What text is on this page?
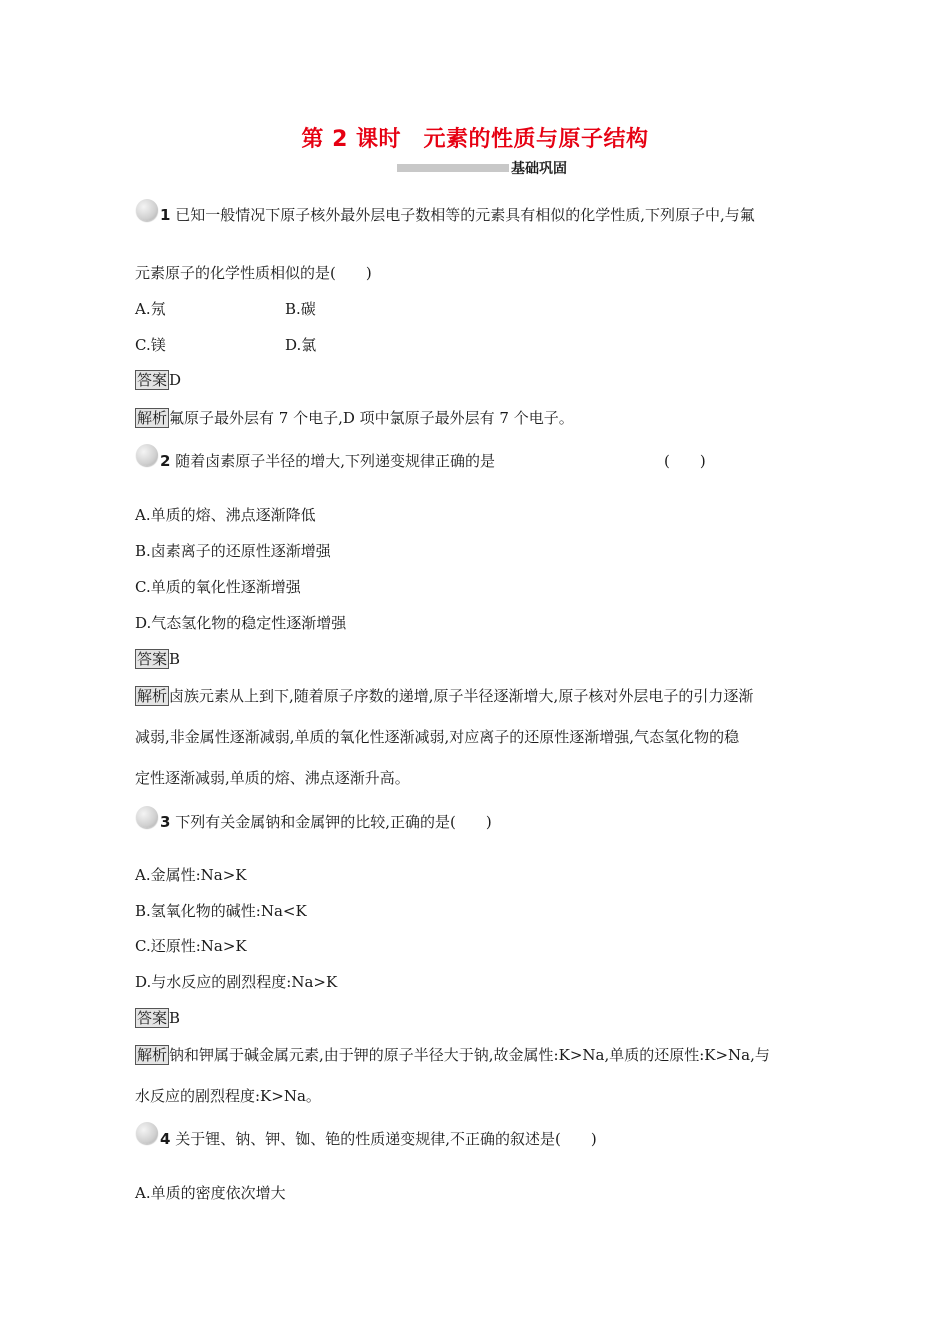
第 2 课时　元素的性质与原子结构
基础巩固
1 已知一般情况下原子核外最外层电子数相等的元素具有相似的化学性质,下列原子中,与氟
元素原子的化学性质相似的是(　　)
A.氖	B.碳
C.镁	D.氯
答案 D
解析 氟原子最外层有 7 个电子,D 项中氯原子最外层有 7 个电子。
2 随着卤素原子半径的增大,下列递变规律正确的是	(　　)
A.单质的熔、沸点逐渐降低
B.卤素离子的还原性逐渐增强
C.单质的氧化性逐渐增强
D.气态氢化物的稳定性逐渐增强
答案 B
解析 卤族元素从上到下,随着原子序数的递增,原子半径逐渐增大,原子核对外层电子的引力逐渐
减弱,非金属性逐渐减弱,单质的氧化性逐渐减弱,对应离子的还原性逐渐增强,气态氢化物的稳
定性逐渐减弱,单质的熔、沸点逐渐升高。
3 下列有关金属钠和金属钾的比较,正确的是(　　)
A.金属性:Na>K
B.氢氧化物的碱性:Na<K
C.还原性:Na>K
D.与水反应的剧烈程度:Na>K
答案 B
解析 钠和钾属于碱金属元素,由于钾的原子半径大于钠,故金属性:K>Na,单质的还原性:K>Na,与
水反应的剧烈程度:K>Na。
4 关于锂、钠、钾、铷、铯的性质递变规律,不正确的叙述是(　　)
A.单质的密度依次增大
